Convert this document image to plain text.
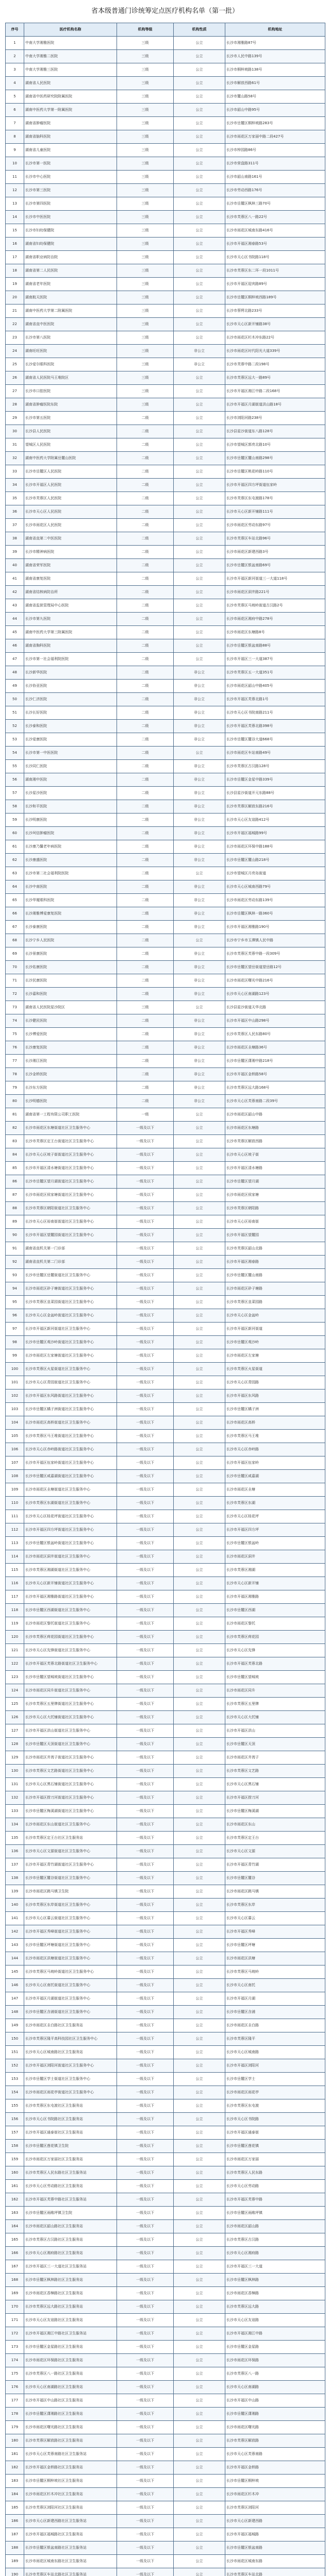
省本级普通门诊统筹定点医疗机构名单（第一批）
序号	医疗机构名称	机构等级	机构性质	机构地址
1	中南大学湘雅医院	三级	公立	长沙市湘雅路87号
2	中南大学湘雅二医院	三级	公立	长沙市人民中路139号
3	中南大学湘雅三医院	三级	公立	长沙市桐梓坡路138号
4	湖南省人民医院	三级	公立	长沙市解放西路61号
5	湖南省中医药研究院附属医院	三级	公立	长沙市麓山路58号
6	湖南中医药大学第一附属医院	三级	公立	长沙市韶山中路95号
7	湖南省肿瘤医院	三级	公立	长沙市岳麓区桐梓坡路283号
8	湖南省脑科医院	三级	公立	长沙市雨花区万家丽中路二段427号
9	湖南省儿童医院	三级	公立	长沙市梓园路86号
10	长沙市第一医院	三级	公立	长沙市营盘路311号
11	长沙市中心医院	三级	公立	长沙市韶山南路161号
12	长沙市第三医院	三级	公立	长沙市劳动西路176号
13	长沙市第四医院	三级	公立	长沙市岳麓区枫林三路70号
14	长沙市中医医院	三级	公立	长沙市芙蓉区八一路22号
15	长沙市妇幼保健院	三级	公立	长沙市雨花区城南东路416号
16	湖南省妇幼保健院	三级	公立	长沙市开福区湘春路53号
17	湖南省职业病防治院	三级	公立	长沙市天心区书院路118号
18	湖南省第二人民医院	三级	公立	长沙市芙蓉区东二环一段1011号
19	湖南省老年医院	三级	公立	长沙市开福区迎宾路89号
20	湖南航天医院	三级	公立	长沙市岳麓区桐梓坡西路189号
21	湖南中医药大学第二附属医院	三级	公立	长沙市蔡锷北路233号
22	湖南省直中医医院	三级	公立	长沙市天心区新开铺路38号
23	长沙市第八医院	三级	公立	长沙市雨花区杉木冲东路22号
24	湖南旺旺医院	三级	非公立	长沙市雨花区时代阳光大道339号
25	长沙爱尔眼科医院	三级	非公立	长沙市芙蓉中路二段198号
26	湖南省人民医院马王堆院区	三级	公立	长沙市芙蓉区远大一路89号
27	长沙市口腔医院	三级	公立	长沙市开福区湘江中路二段168号
28	湖南省肿瘤医院东院	三级	公立	长沙市开福区月湖街道洪山路18号
29	长沙市第五医院	二级	公立	长沙市浏阳河路238号
30	长沙县人民医院	二级	公立	长沙县星沙街道东八路128号
31	望城区人民医院	二级	公立	长沙市望城区郭亮北路10号
32	湖南中医药大学附属岳麓山医院	二级	公立	长沙市岳麓区麓山南路298号
33	长沙市岳麓区人民医院	二级	公立	长沙市岳麓区桃花岭路110号
34	长沙市开福区人民医院	二级	公立	长沙市开福区四方坪街道伍家岭
35	长沙市芙蓉区人民医院	二级	公立	长沙市芙蓉区东屯渡路178号
36	长沙市天心区人民医院	二级	公立	长沙市天心区新开铺路111号
37	长沙市雨花区人民医院	二级	公立	长沙市雨花区劳动东路97号
38	湖南省直第二中医医院	二级	公立	长沙市芙蓉区车站北路96号
39	长沙市精神病医院	二级	公立	长沙市雨花区新建西路3号
40	湖南省荣军医院	二级	公立	长沙市岳麓区银盆南路69号
41	湖南省康复医院	二级	公立	长沙市开福区新河街道三一大道118号
42	湖南省结核病防治所	二级	公立	长沙市雨花区洞井路221号
43	湖南省监狱管理局中心医院	二级	公立	长沙市芙蓉区马坡岭街道古汉路2号
44	长沙市第九医院	二级	公立	长沙市雨花区湘府中路278号
45	湖南中医药大学第三附属医院	二级	公立	长沙市雨花区东塘路8号
46	湖南省胸科医院	二级	公立	长沙市岳麓区银盆南路88号
47	长沙市第一社会福利院医院	二级	公立	长沙市开福区三一大道387号
48	长沙新华医院	二级	非公立	长沙市芙蓉区五一大道351号
49	长沙协亚医院	二级	非公立	长沙市雨花区韶山中路405号
50	长沙仁济医院	二级	非公立	长沙市开福区芙蓉北路1号
51	长沙长好医院	二级	非公立	长沙市天心区书院南路211号
52	长沙泰和医院	二级	非公立	长沙市开福区芙蓉北路398号
53	长沙爱康医院	二级	非公立	长沙市岳麓区麓谷大道668号
54	长沙市第一中医医院	二级	公立	长沙市雨花区车站南路49号
55	长沙同仁医院	二级	非公立	长沙市芙蓉区古汉路128号
56	湖南湘中医院	二级	非公立	长沙市岳麓区金星中路339号
57	长沙星沙医院	二级	非公立	长沙县星沙街道开元东路88号
58	长沙和平医院	二级	非公立	长沙市芙蓉区解放东路216号
59	长沙明康医院	二级	非公立	长沙市天心区友谊路412号
60	长沙珂信肿瘤医院	二级	非公立	长沙市开福区福城路99号
61	长沙康乃馨老年病医院	二级	非公立	长沙市雨花区环保中路188号
62	长沙康盛医院	二级	非公立	长沙市岳麓区麓山路218号
63	长沙市第二社会福利院医院	二级	公立	长沙市望城区月亮岛街道
64	长沙中南医院	二级	非公立	长沙市天心区城南西路79号
65	长沙华厦眼科医院	二级	非公立	长沙市雨花区劳动东路139号
66	长沙湘雅博爱康复医院	二级	非公立	长沙市岳麓区枫林一路360号
67	长沙泰康医院	二级	非公立	长沙市开福区湘雅路190号
68	长沙宁乡人民医院	二级	公立	长沙市宁乡市玉潭镇人民中路
69	长沙景康医院	二级	非公立	长沙市芙蓉区芙蓉中路一段309号
70	长沙佑康医院	二级	非公立	长沙市岳麓区望岳街道望岳路12号
71	长沙民康医院	二级	非公立	长沙市雨花区曙光中路216号
72	长沙嘉和医院	二级	非公立	长沙市天心区南湖路123号
73	湖南省人民医院星沙院区	三级	公立	长沙县星沙街道天华北路
74	长沙健民医院	二级	非公立	长沙市开福区中山路298号
75	长沙博爱医院	二级	非公立	长沙市芙蓉区人民东路80号
76	长沙康复医院	二级	非公立	长沙市雨花区圭塘路36号
77	长沙湘江医院	二级	非公立	长沙市岳麓区潇湘中路218号
78	长沙金桥医院	二级	非公立	长沙市开福区金桥路58号
79	长沙东方医院	二级	非公立	长沙市芙蓉区远大路168号
80	长沙明德医院	二级	非公立	长沙市天心区芙蓉南路二段39号
81	湖南省第一工程有限公司职工医院	一级	公立	长沙市雨花区韶山中路
82	长沙市雨花区东塘街道社区卫生服务中心	一级及以下	公立	长沙市雨花区东塘路
83	长沙市芙蓉区定王台街道社区卫生服务中心	一级及以下	公立	长沙市芙蓉区解放西路
84	长沙市天心区坡子街街道社区卫生服务中心	一级及以下	公立	长沙市天心区坡子街
85	长沙市开福区清水塘街道社区卫生服务中心	一级及以下	公立	长沙市开福区清水塘路
86	长沙市岳麓区望月湖街道社区卫生服务中心	一级及以下	公立	长沙市岳麓区望月湖
87	长沙市雨花区侯家塘街道社区卫生服务中心	一级及以下	公立	长沙市雨花区侯家塘
88	长沙市芙蓉区朝阳街道社区卫生服务中心	一级及以下	公立	长沙市芙蓉区朝阳路
89	长沙市天心区裕南街街道社区卫生服务中心	一级及以下	公立	长沙市天心区裕南街
90	长沙市开福区望麓园街道社区卫生服务中心	一级及以下	公立	长沙市开福区望麓园
91	湖南省直机关第一门诊部	一级及以下	公立	长沙市芙蓉区韶山北路
92	湖南省直机关第二门诊部	一级及以下	公立	长沙市开福区湘春路
93	长沙市岳麓区岳麓街道社区卫生服务中心	一级及以下	公立	长沙市岳麓区麓山南路
94	长沙市雨花区砂子塘街道社区卫生服务中心	一级及以下	公立	长沙市雨花区砂子塘路
95	长沙市芙蓉区韭菜园街道社区卫生服务中心	一级及以下	公立	长沙市芙蓉区韭菜园路
96	长沙市天心区金盆岭街道社区卫生服务中心	一级及以下	公立	长沙市天心区金盆岭
97	长沙市开福区新河街道社区卫生服务中心	一级及以下	公立	长沙市开福区新河街道
98	长沙市岳麓区观沙岭街道社区卫生服务中心	一级及以下	公立	长沙市岳麓区观沙岭
99	长沙市雨花区左家塘街道社区卫生服务中心	一级及以下	公立	长沙市雨花区左家塘
100	长沙市芙蓉区火星街道社区卫生服务中心	一级及以下	公立	长沙市芙蓉区火星街道
101	长沙市天心区青园街道社区卫生服务中心	一级及以下	公立	长沙市天心区青园路
102	长沙市开福区东风路街道社区卫生服务中心	一级及以下	公立	长沙市开福区东风路
103	长沙市岳麓区橘子洲街道社区卫生服务中心	一级及以下	公立	长沙市岳麓区橘子洲
104	长沙市雨花区高桥街道社区卫生服务中心	一级及以下	公立	长沙市雨花区高桥
105	长沙市芙蓉区马王堆街道社区卫生服务中心	一级及以下	公立	长沙市芙蓉区马王堆
106	长沙市天心区赤岭路街道社区卫生服务中心	一级及以下	公立	长沙市天心区赤岭路
107	长沙市开福区伍家岭街道社区卫生服务中心	一级及以下	公立	长沙市开福区伍家岭
108	长沙市岳麓区咸嘉湖街道社区卫生服务中心	一级及以下	公立	长沙市岳麓区咸嘉湖
109	长沙市雨花区圭塘街道社区卫生服务中心	一级及以下	公立	长沙市雨花区圭塘
110	长沙市芙蓉区东湖街道社区卫生服务中心	一级及以下	公立	长沙市芙蓉区东湖
111	长沙市天心区桂花坪街道社区卫生服务中心	一级及以下	公立	长沙市天心区桂花坪
112	长沙市开福区四方坪街道社区卫生服务中心	一级及以下	公立	长沙市开福区四方坪
113	长沙市岳麓区银盆岭街道社区卫生服务中心	一级及以下	公立	长沙市岳麓区银盆岭
114	长沙市雨花区洞井街道社区卫生服务中心	一级及以下	公立	长沙市雨花区洞井
115	长沙市芙蓉区湘湖街道社区卫生服务中心	一级及以下	公立	长沙市芙蓉区湘湖
116	长沙市天心区新开铺街道社区卫生服务中心	一级及以下	公立	长沙市天心区新开铺
117	长沙市开福区湘雅路街道社区卫生服务中心	一级及以下	公立	长沙市开福区湘雅路
118	长沙市岳麓区西湖街道社区卫生服务中心	一级及以下	公立	长沙市岳麓区西湖
119	长沙市雨花区黎托街道社区卫生服务中心	一级及以下	公立	长沙市雨花区黎托
120	长沙市芙蓉区荷花园街道社区卫生服务中心	一级及以下	公立	长沙市芙蓉区荷花园
121	长沙市天心区先锋街道社区卫生服务中心	一级及以下	公立	长沙市天心区先锋
122	长沙市开福区芙蓉北路街道社区卫生服务中心	一级及以下	公立	长沙市开福区芙蓉北路
123	长沙市岳麓区望城坡街道社区卫生服务中心	一级及以下	公立	长沙市岳麓区望城坡
124	长沙市雨花区同升街道社区卫生服务中心	一级及以下	公立	长沙市雨花区同升
125	长沙市芙蓉区五里牌街道社区卫生服务中心	一级及以下	公立	长沙市芙蓉区五里牌
126	长沙市天心区大托铺街道社区卫生服务中心	一级及以下	公立	长沙市天心区大托铺
127	长沙市开福区洪山街道社区卫生服务中心	一级及以下	公立	长沙市开福区洪山
128	长沙市岳麓区天顶街道社区卫生服务中心	一级及以下	公立	长沙市岳麓区天顶
129	长沙市雨花区井湾子街道社区卫生服务中心	一级及以下	公立	长沙市雨花区井湾子
130	长沙市芙蓉区文艺路街道社区卫生服务中心	一级及以下	公立	长沙市芙蓉区文艺路
131	长沙市天心区黑石铺街道社区卫生服务中心	一级及以下	公立	长沙市天心区黑石铺
132	长沙市开福区捞刀河街道社区卫生服务中心	一级及以下	公立	长沙市开福区捞刀河
133	长沙市岳麓区梅溪湖街道社区卫生服务中心	一级及以下	公立	长沙市岳麓区梅溪湖
134	长沙市雨花区东山街道社区卫生服务中心	一级及以下	公立	长沙市雨花区东山
135	长沙市芙蓉区定王台社区卫生服务站	一级及以下	公立	长沙市芙蓉区定王台
136	长沙市天心区文源街道社区卫生服务中心	一级及以下	公立	长沙市天心区文源
137	长沙市开福区青竹湖街道社区卫生服务中心	一级及以下	公立	长沙市开福区青竹湖
138	长沙市岳麓区麓谷街道社区卫生服务中心	一级及以下	公立	长沙市岳麓区麓谷
139	长沙市雨花区跳马镇卫生院	一级及以下	公立	长沙市雨花区跳马镇
140	长沙市芙蓉区东岸街道社区卫生服务中心	一级及以下	公立	长沙市芙蓉区东岸
141	长沙市天心区暮云街道社区卫生服务中心	一级及以下	公立	长沙市天心区暮云
142	长沙市开福区秀峰街道社区卫生服务中心	一级及以下	公立	长沙市开福区秀峰
143	长沙市岳麓区坪塘街道社区卫生服务中心	一级及以下	公立	长沙市岳麓区坪塘
144	长沙市雨花区洪塘街道社区卫生服务中心	一级及以下	公立	长沙市雨花区洪塘
145	长沙市芙蓉区马坡岭街道社区卫生服务中心	一级及以下	公立	长沙市芙蓉区马坡岭
146	长沙市天心区南托街道社区卫生服务中心	一级及以下	公立	长沙市天心区南托
147	长沙市开福区月湖街道社区卫生服务中心	一级及以下	公立	长沙市开福区月湖
148	长沙市岳麓区含浦街道社区卫生服务中心	一级及以下	公立	长沙市岳麓区含浦
149	长沙市雨花区圭白路社区卫生服务站	一级及以下	公立	长沙市雨花区圭白路
150	长沙市芙蓉区隆平高科技园社区卫生服务中心	一级及以下	公立	长沙市芙蓉区隆平
151	长沙市天心区城南路社区卫生服务站	一级及以下	公立	长沙市天心区城南路
152	长沙市开福区浏阳河街道社区卫生服务中心	一级及以下	公立	长沙市开福区浏阳河
153	长沙市岳麓区学士街道社区卫生服务中心	一级及以下	公立	长沙市岳麓区学士
154	长沙市雨花区雨花亭街道社区卫生服务中心	一级及以下	公立	长沙市雨花区雨花亭
155	长沙市芙蓉区东屯渡社区卫生服务站	一级及以下	公立	长沙市芙蓉区东屯渡
156	长沙市天心区书院路社区卫生服务站	一级及以下	公立	长沙市天心区书院路
157	长沙市开福区通泰街社区卫生服务站	一级及以下	公立	长沙市开福区通泰街
158	长沙市岳麓区莲花镇卫生院	一级及以下	公立	长沙市岳麓区莲花镇
159	长沙市雨花区万家丽社区卫生服务站	一级及以下	公立	长沙市雨花区万家丽
160	长沙市芙蓉区人民东路社区卫生服务站	一级及以下	公立	长沙市芙蓉区人民东路
161	长沙市天心区劳动路社区卫生服务站	一级及以下	公立	长沙市天心区劳动路
162	长沙市开福区芙蓉中路社区卫生服务站	一级及以下	公立	长沙市开福区芙蓉中路
163	长沙市岳麓区雨敞坪镇卫生院	一级及以下	公立	长沙市岳麓区雨敞坪镇
164	长沙市雨花区韶山路社区卫生服务站	一级及以下	公立	长沙市雨花区韶山路
165	长沙市芙蓉区古汉路社区卫生服务站	一级及以下	公立	长沙市芙蓉区古汉路
166	长沙市天心区湘府路社区卫生服务站	一级及以下	公立	长沙市天心区湘府路
167	长沙市开福区三一大道社区卫生服务站	一级及以下	公立	长沙市开福区三一大道
168	长沙市岳麓区枫林路社区卫生服务站	一级及以下	公立	长沙市岳麓区枫林路
169	长沙市雨花区香樟路社区卫生服务站	一级及以下	公立	长沙市雨花区香樟路
170	长沙市芙蓉区远大路社区卫生服务站	一级及以下	公立	长沙市芙蓉区远大路
171	长沙市天心区友谊路社区卫生服务站	一级及以下	公立	长沙市天心区友谊路
172	长沙市开福区湘江中路社区卫生服务站	一级及以下	公立	长沙市开福区湘江中路
173	长沙市岳麓区金星路社区卫生服务站	一级及以下	公立	长沙市岳麓区金星路
174	长沙市雨花区环保路社区卫生服务站	一级及以下	公立	长沙市雨花区环保路
175	长沙市芙蓉区八一路社区卫生服务站	一级及以下	公立	长沙市芙蓉区八一路
176	长沙市天心区南湖路社区卫生服务站	一级及以下	公立	长沙市天心区南湖路
177	长沙市开福区中山路社区卫生服务站	一级及以下	公立	长沙市开福区中山路
178	长沙市岳麓区潇湘路社区卫生服务站	一级及以下	公立	长沙市岳麓区潇湘路
179	长沙市雨花区曙光路社区卫生服务站	一级及以下	公立	长沙市雨花区曙光路
180	长沙市芙蓉区解放路社区卫生服务站	一级及以下	公立	长沙市芙蓉区解放路
181	长沙市天心区芙蓉南路社区卫生服务站	一级及以下	公立	长沙市天心区芙蓉南路
182	长沙市开福区金桥路社区卫生服务站	一级及以下	公立	长沙市开福区金桥路
183	长沙市岳麓区桐梓坡社区卫生服务站	一级及以下	公立	长沙市岳麓区桐梓坡
184	长沙市雨花区杉木冲社区卫生服务站	一级及以下	公立	长沙市雨花区杉木冲
185	长沙市芙蓉区浏阳河社区卫生服务站	一级及以下	公立	长沙市芙蓉区浏阳河
186	长沙市天心区新建西路社区卫生服务站	一级及以下	公立	长沙市天心区新建西路
187	长沙市开福区福城路社区卫生服务站	一级及以下	公立	长沙市开福区福城路
188	长沙市岳麓区银盆南路社区卫生服务站	一级及以下	公立	长沙市岳麓区银盆南路
189	长沙市雨花区城南东路社区卫生服务站	一级及以下	公立	长沙市雨花区城南东路
190	长沙市芙蓉区车站北路社区卫生服务站	一级及以下	公立	长沙市芙蓉区车站北路
